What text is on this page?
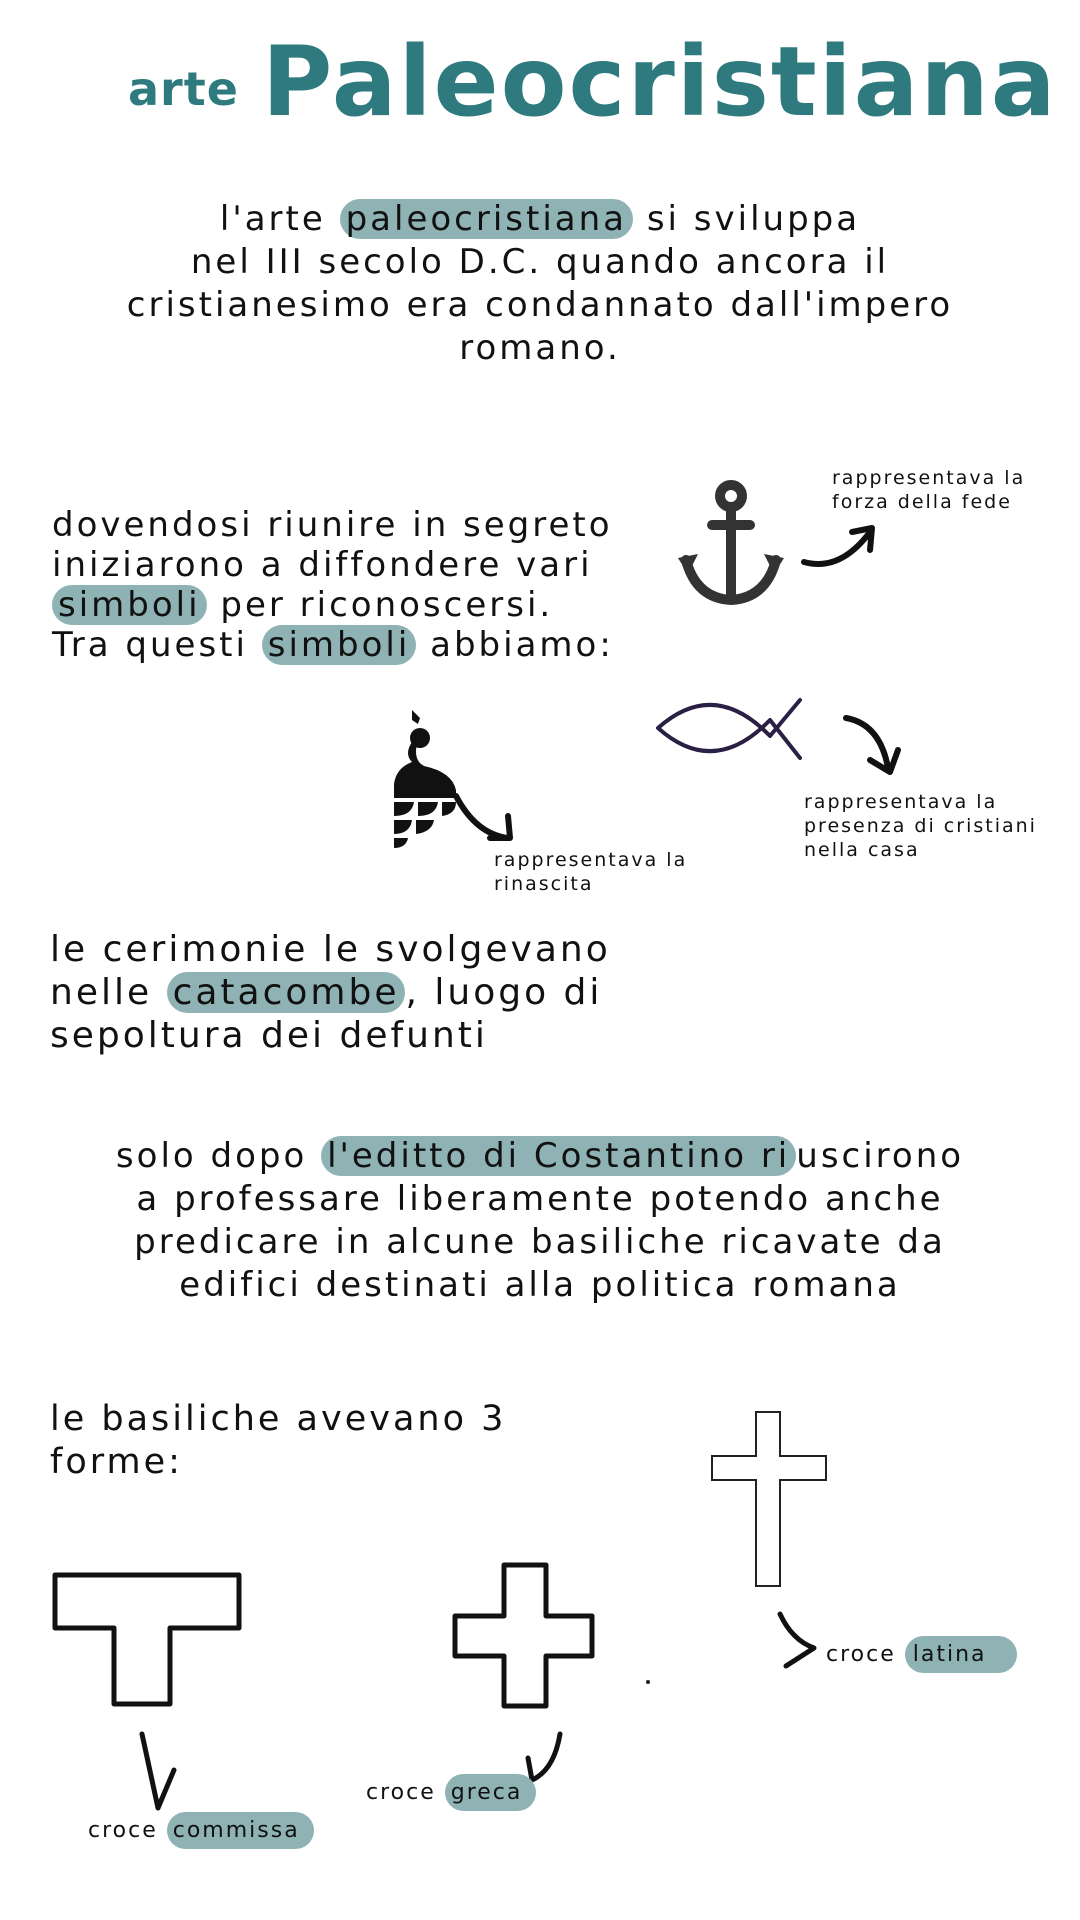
arte Paleocristiana
l'arte paleocristiana si sviluppa
nel III secolo D.C. quando ancora il
cristianesimo era condannato dall'impero
romano.
dovendosi riunire in segreto
iniziarono a diffondere vari
simboli per riconoscersi.
Tra questi simboli abbiamo:
rappresentava la
forza della fede
rappresentava la
presenza di cristiani
nella casa
rappresentava la
rinascita
le cerimonie le svolgevano
nelle catacombe , luogo di
sepoltura dei defunti
solo dopo l'editto di Costantino ri uscirono
a professare liberamente potendo anche
predicare in alcune basiliche ricavate da
edifici destinati alla politica romana
le basiliche avevano 3
forme:
croce latina
croce commissa
croce greca
